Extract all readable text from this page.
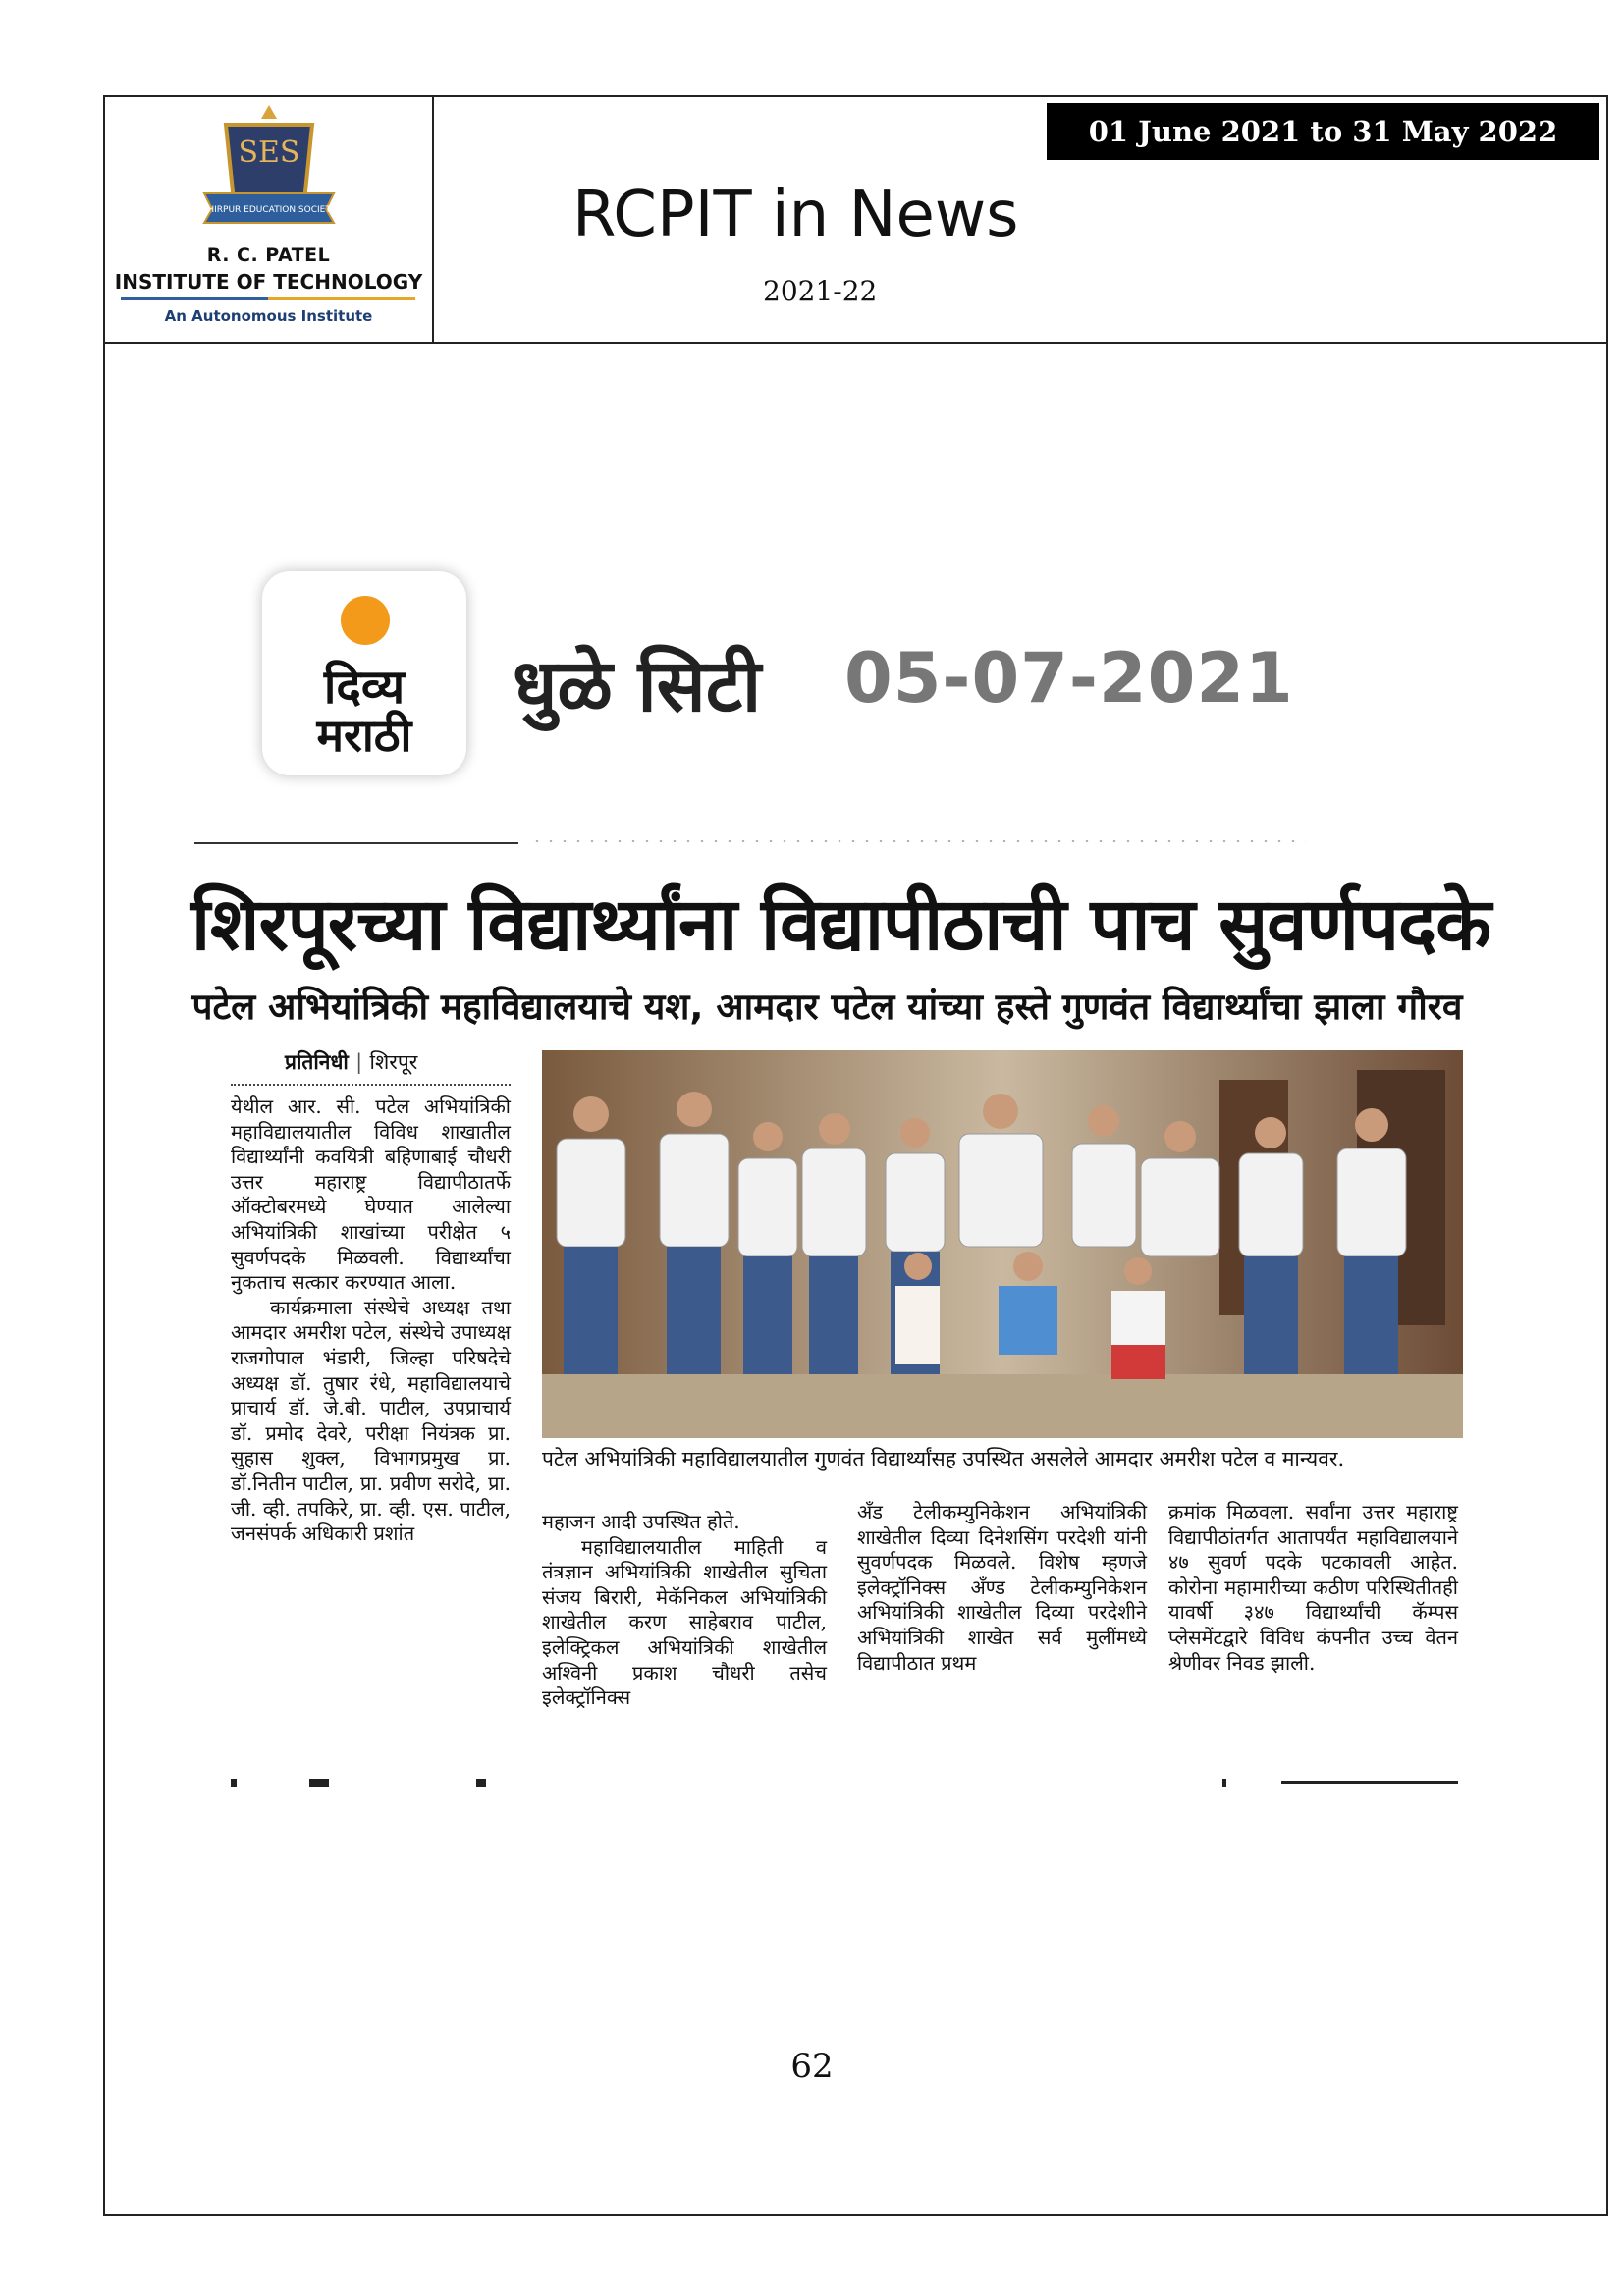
SES
SHIRPUR EDUCATION SOCIETY
R. C. PATEL
INSTITUTE OF TECHNOLOGY
An Autonomous Institute
01 June 2021 to 31 May 2022
RCPIT in News
2021-22
दिव्य
मराठी
धुळे सिटी 05-07-2021
शिरपूरच्या विद्यार्थ्यांना विद्यापीठाची पाच सुवर्णपदके
पटेल अभियांत्रिकी महाविद्यालयाचे यश, आमदार पटेल यांच्या हस्ते गुणवंत विद्यार्थ्यांचा झाला गौरव
प्रतिनिधी | शिरपूर

येथील आर. सी. पटेल अभियांत्रिकी महाविद्यालयातील विविध शाखातील विद्यार्थ्यांनी कवयित्री बहिणाबाई चौधरी उत्तर महाराष्ट्र विद्यापीठातर्फे ऑक्टोबरमध्ये घेण्यात आलेल्या अभियांत्रिकी शाखांच्या परीक्षेत ५ सुवर्णपदके मिळवली. विद्यार्थ्यांचा नुकताच सत्कार करण्यात आला.

कार्यक्रमाला संस्थेचे अध्यक्ष तथा आमदार अमरीश पटेल, संस्थेचे उपाध्यक्ष राजगोपाल भंडारी, जिल्हा परिषदेचे अध्यक्ष डॉ. तुषार रंधे, महाविद्यालयाचे प्राचार्य डॉ. जे.बी. पाटील, उपप्राचार्य डॉ. प्रमोद देवरे, परीक्षा नियंत्रक प्रा. सुहास शुक्ल, विभागप्रमुख प्रा. डॉ.नितीन पाटील, प्रा. प्रवीण सरोदे, प्रा. जी. व्ही. तपकिरे, प्रा. व्ही. एस. पाटील, जनसंपर्क अधिकारी प्रशांत

पटेल अभियांत्रिकी महाविद्यालयातील गुणवंत विद्यार्थ्यांसह उपस्थित असलेले आमदार अमरीश पटेल व मान्यवर.

महाजन आदी उपस्थित होते.

महाविद्यालयातील माहिती व तंत्रज्ञान अभियांत्रिकी शाखेतील सुचिता संजय बिरारी, मेकॅनिकल अभियांत्रिकी शाखेतील करण साहेबराव पाटील, इलेक्ट्रिकल अभियांत्रिकी शाखेतील अश्विनी प्रकाश चौधरी तसेच इलेक्ट्रॉनिक्स

अँड टेलीकम्युनिकेशन अभियांत्रिकी शाखेतील दिव्या दिनेशसिंग परदेशी यांनी सुवर्णपदक मिळवले. विशेष म्हणजे इलेक्ट्रॉनिक्स अँण्ड टेलीकम्युनिकेशन अभियांत्रिकी शाखेतील दिव्या परदेशीने अभियांत्रिकी शाखेत सर्व मुलींमध्ये विद्यापीठात प्रथम

क्रमांक मिळवला. सर्वांना उत्तर महाराष्ट्र विद्यापीठांतर्गत आतापर्यंत महाविद्यालयाने ४७ सुवर्ण पदके पटकावली आहेत. कोरोना महामारीच्या कठीण परिस्थितीतही यावर्षी ३४७ विद्यार्थ्यांची कॅम्पस प्लेसमेंटद्वारे विविध कंपनीत उच्च वेतन श्रेणीवर निवड झाली.

62
